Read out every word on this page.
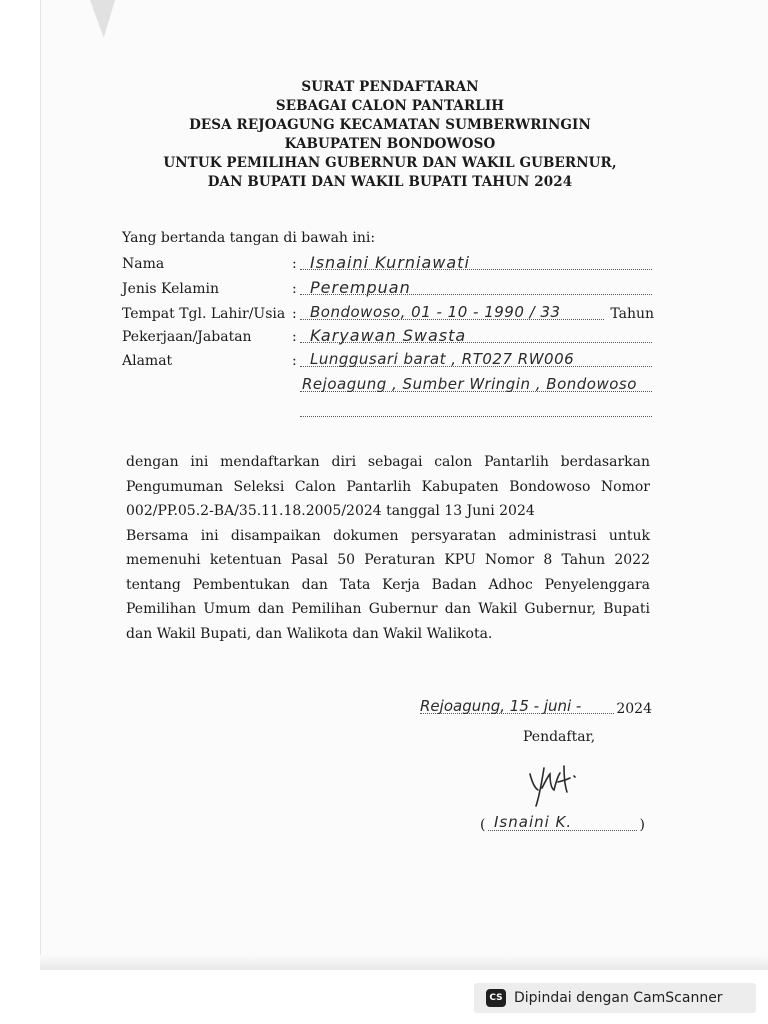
SURAT PENDAFTARAN
SEBAGAI CALON PANTARLIH
DESA REJOAGUNG KECAMATAN SUMBERWRINGIN
KABUPATEN BONDOWOSO
UNTUK PEMILIHAN GUBERNUR DAN WAKIL GUBERNUR,
DAN BUPATI DAN WAKIL BUPATI TAHUN 2024
Yang bertanda tangan di bawah ini:
Nama	: Isnaini Kurniawati
Jenis Kelamin	: Perempuan
Tempat Tgl. Lahir/Usia : Bondowoso, 01 - 10 - 1990 / 33	Tahun
Pekerjaan/Jabatan	: Karyawan Swasta
Alamat	: Lunggusari barat , RT027 RW006
Rejoagung , Sumber Wringin , Bondowoso

dengan ini mendaftarkan diri sebagai calon Pantarlih berdasarkan Pengumuman Seleksi Calon Pantarlih Kabupaten Bondowoso Nomor 002/PP.05.2-BA/35.11.18.2005/2024 tanggal 13 Juni 2024

Bersama ini disampaikan dokumen persyaratan administrasi untuk memenuhi ketentuan Pasal 50 Peraturan KPU Nomor 8 Tahun 2022 tentang Pembentukan dan Tata Kerja Badan Adhoc Penyelenggara Pemilihan Umum dan Pemilihan Gubernur dan Wakil Gubernur, Bupati dan Wakil Bupati, dan Walikota dan Wakil Walikota.

Rejoagung, 15 - juni -	2024
Pendaftar,
( Isnaini K.	)
CS Dipindai dengan CamScanner
